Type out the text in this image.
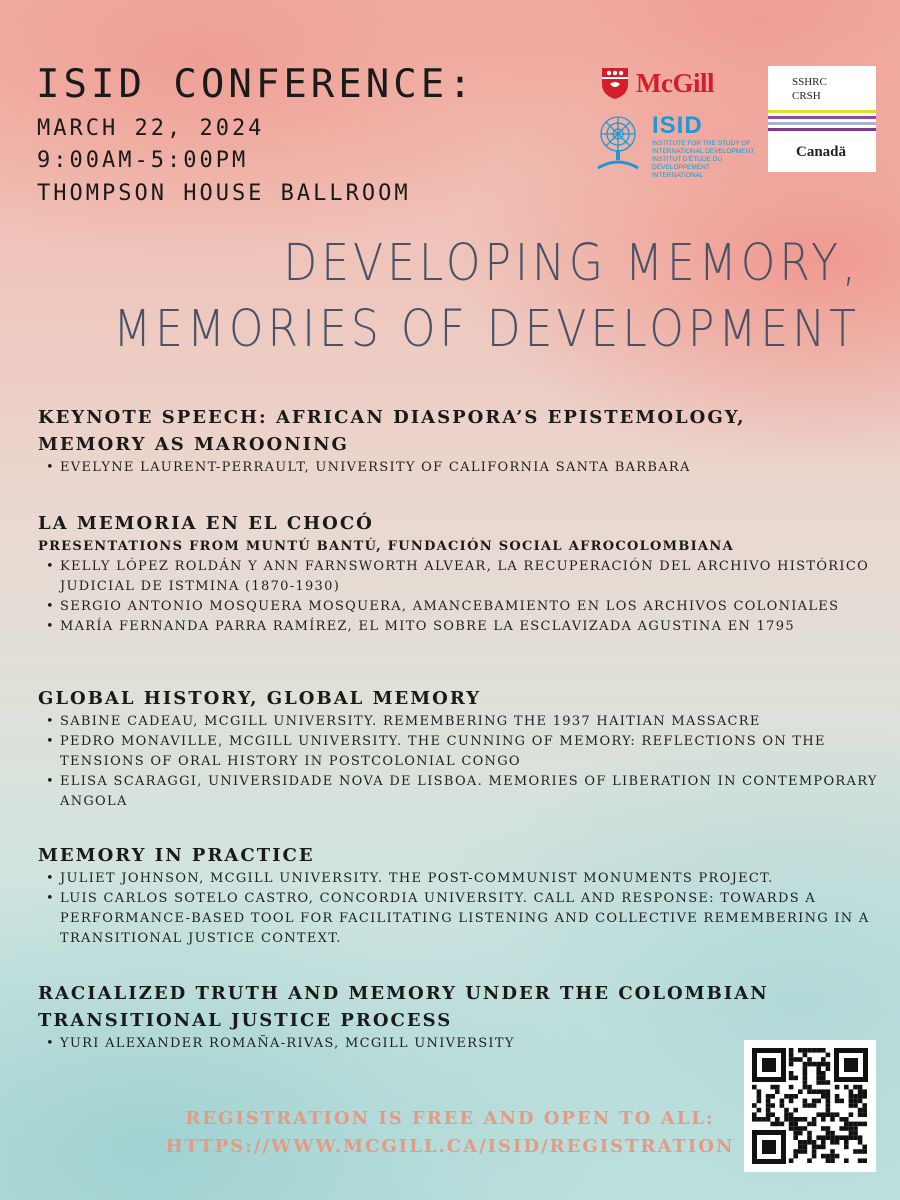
ISID CONFERENCE:
MARCH 22, 2024
9:00AM-5:00PM
THOMPSON HOUSE BALLROOM
McGill
ISID
INSTITUTE FOR THE STUDY OF INTERNATIONAL DEVELOPMENT
INSTITUT D'ÉTUDE DU DÉVELOPPEMENT INTERNATIONAL
SSHRC
CRSH
Canadä
DEVELOPING MEMORY,
MEMORIES OF DEVELOPMENT
KEYNOTE SPEECH: AFRICAN DIASPORA’S EPISTEMOLOGY,
MEMORY AS MAROONING
• EVELYNE LAURENT-PERRAULT, UNIVERSITY OF CALIFORNIA SANTA BARBARA
LA MEMORIA EN EL CHOCÓ
PRESENTATIONS FROM MUNTÚ BANTÚ, FUNDACIÓN SOCIAL AFROCOLOMBIANA
• KELLY LÓPEZ ROLDÁN Y ANN FARNSWORTH ALVEAR, LA RECUPERACIÓN DEL ARCHIVO HISTÓRICO JUDICIAL DE ISTMINA (1870-1930)
• SERGIO ANTONIO MOSQUERA MOSQUERA, AMANCEBAMIENTO EN LOS ARCHIVOS COLONIALES
• MARÍA FERNANDA PARRA RAMÍREZ, EL MITO SOBRE LA ESCLAVIZADA AGUSTINA EN 1795
GLOBAL HISTORY, GLOBAL MEMORY
• SABINE CADEAU, MCGILL UNIVERSITY. REMEMBERING THE 1937 HAITIAN MASSACRE
• PEDRO MONAVILLE, MCGILL UNIVERSITY. THE CUNNING OF MEMORY: REFLECTIONS ON THE TENSIONS OF ORAL HISTORY IN POSTCOLONIAL CONGO
• ELISA SCARAGGI, UNIVERSIDADE NOVA DE LISBOA. MEMORIES OF LIBERATION IN CONTEMPORARY ANGOLA
MEMORY IN PRACTICE
• JULIET JOHNSON, MCGILL UNIVERSITY. THE POST-COMMUNIST MONUMENTS PROJECT.
• LUIS CARLOS SOTELO CASTRO, CONCORDIA UNIVERSITY. CALL AND RESPONSE: TOWARDS A PERFORMANCE-BASED TOOL FOR FACILITATING LISTENING AND COLLECTIVE REMEMBERING IN A TRANSITIONAL JUSTICE CONTEXT.
RACIALIZED TRUTH AND MEMORY UNDER THE COLOMBIAN
TRANSITIONAL JUSTICE PROCESS
• YURI ALEXANDER ROMAÑA-RIVAS, MCGILL UNIVERSITY
REGISTRATION IS FREE AND OPEN TO ALL:
HTTPS://WWW.MCGILL.CA/ISID/REGISTRATION
